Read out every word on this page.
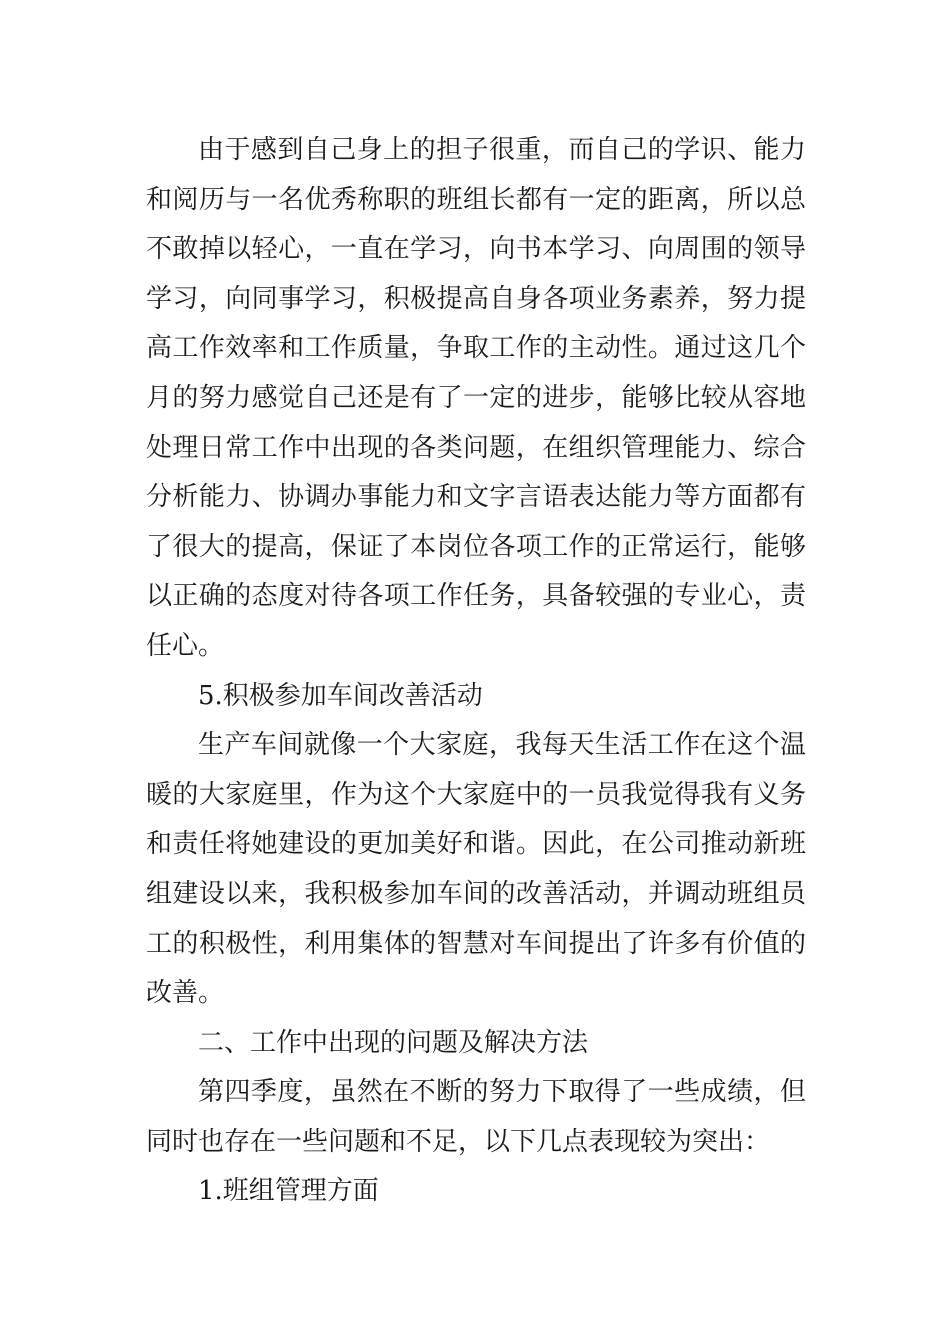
由于感到自己身上的担子很重，而自己的学识、能力和阅历与一名优秀称职的班组长都有一定的距离，所以总不敢掉以轻心，一直在学习，向书本学习、向周围的领导学习，向同事学习，积极提高自身各项业务素养，努力提高工作效率和工作质量，争取工作的主动性。通过这几个月的努力感觉自己还是有了一定的进步，能够比较从容地处理日常工作中出现的各类问题，在组织管理能力、综合分析能力、协调办事能力和文字言语表达能力等方面都有了很大的提高，保证了本岗位各项工作的正常运行，能够以正确的态度对待各项工作任务，具备较强的专业心，责任心。

5.积极参加车间改善活动

生产车间就像一个大家庭，我每天生活工作在这个温暖的大家庭里，作为这个大家庭中的一员我觉得我有义务和责任将她建设的更加美好和谐。因此，在公司推动新班组建设以来，我积极参加车间的改善活动，并调动班组员工的积极性，利用集体的智慧对车间提出了许多有价值的改善。

二、工作中出现的问题及解决方法

第四季度，虽然在不断的努力下取得了一些成绩，但同时也存在一些问题和不足，以下几点表现较为突出：

1.班组管理方面
